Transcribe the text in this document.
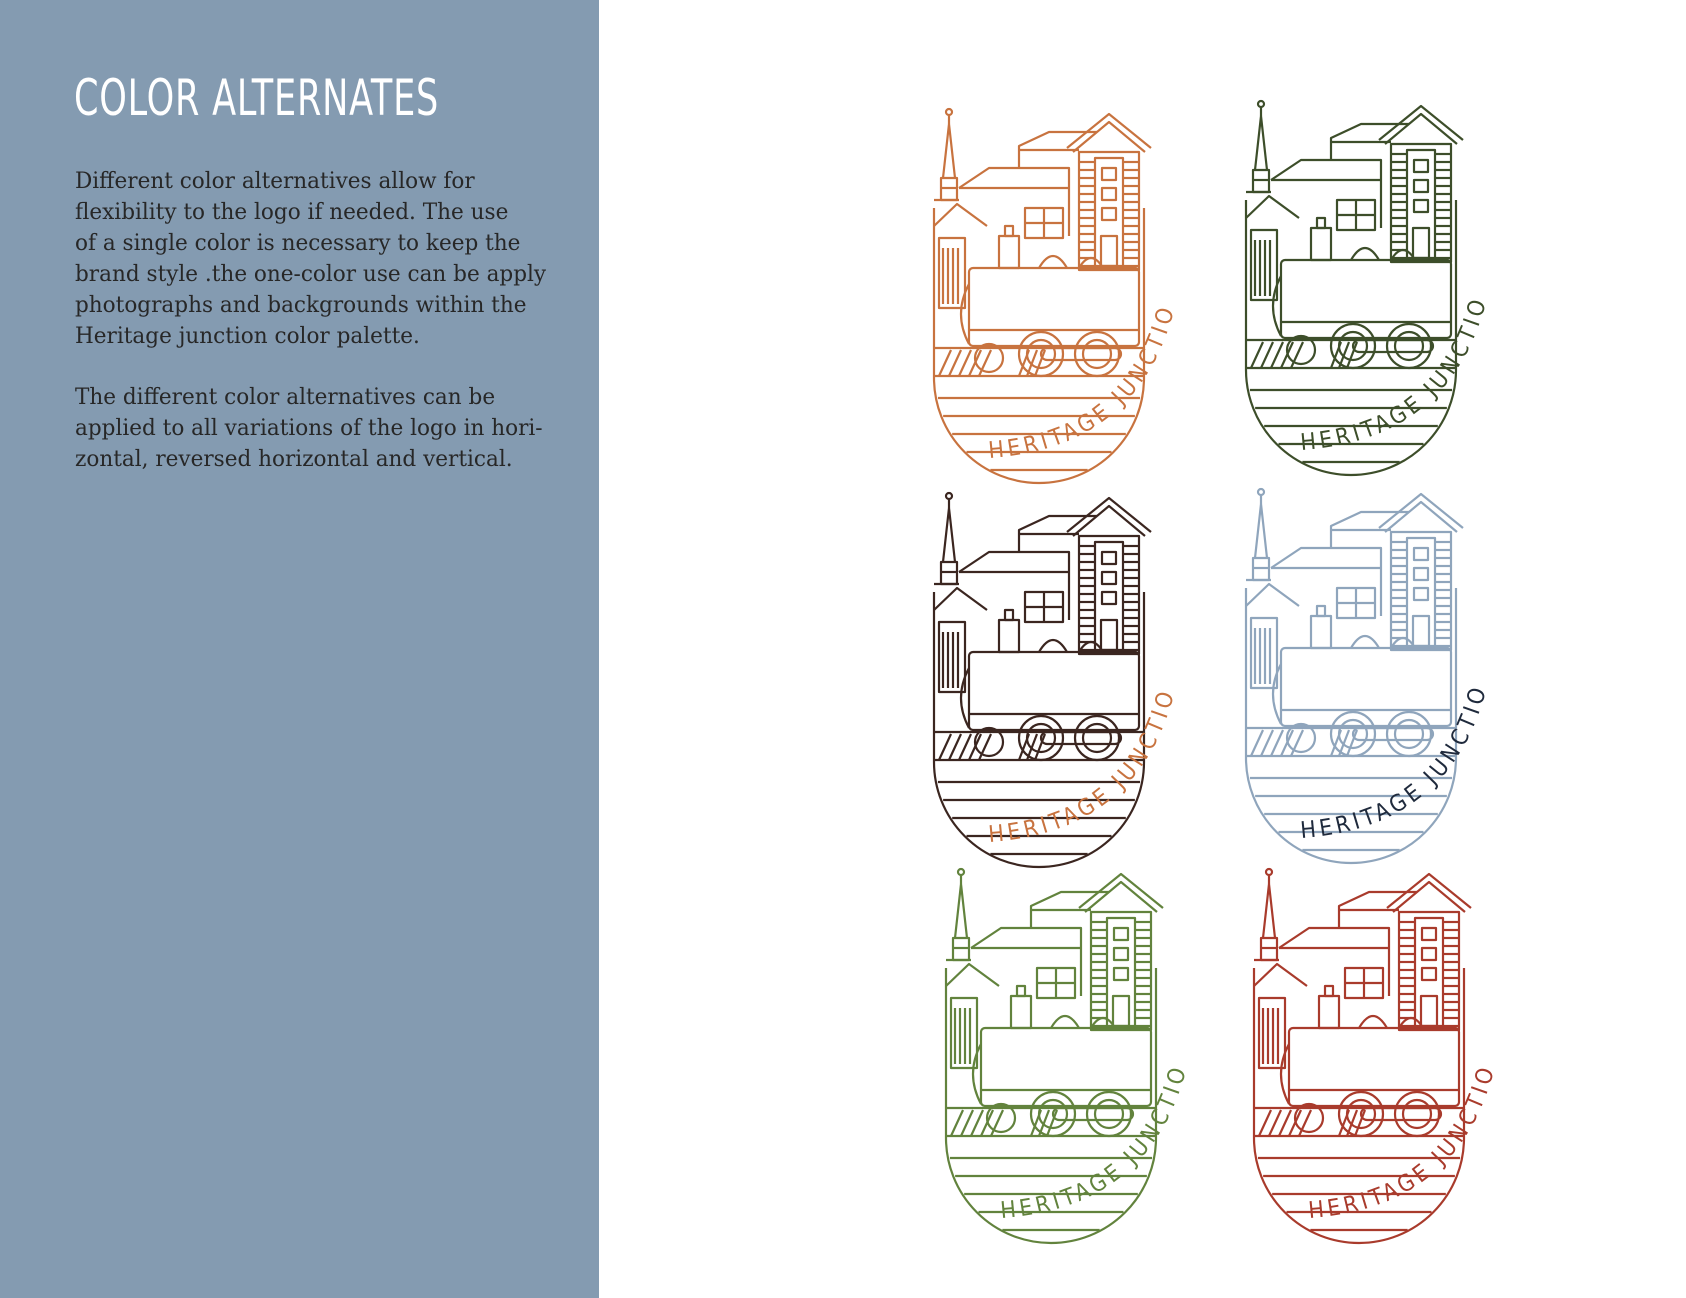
COLOR ALTERNATES

Different color alternatives allow for
flexibility to the logo if needed. The use
of a single color is necessary to keep the
brand style .the one-color use can be apply
photographs and backgrounds within the
Heritage junction color palette.

The different color alternatives can be
applied to all variations of the logo in hori-
zontal, reversed horizontal and vertical.	HERITAGE JUNCTIO N
HERITAGE JUNCTIO N
HERITAGE JUNCTIO N
HERITAGE JUNCTIO N
HERITAGE JUNCTIO N
HERITAGE JUNCTIO N
